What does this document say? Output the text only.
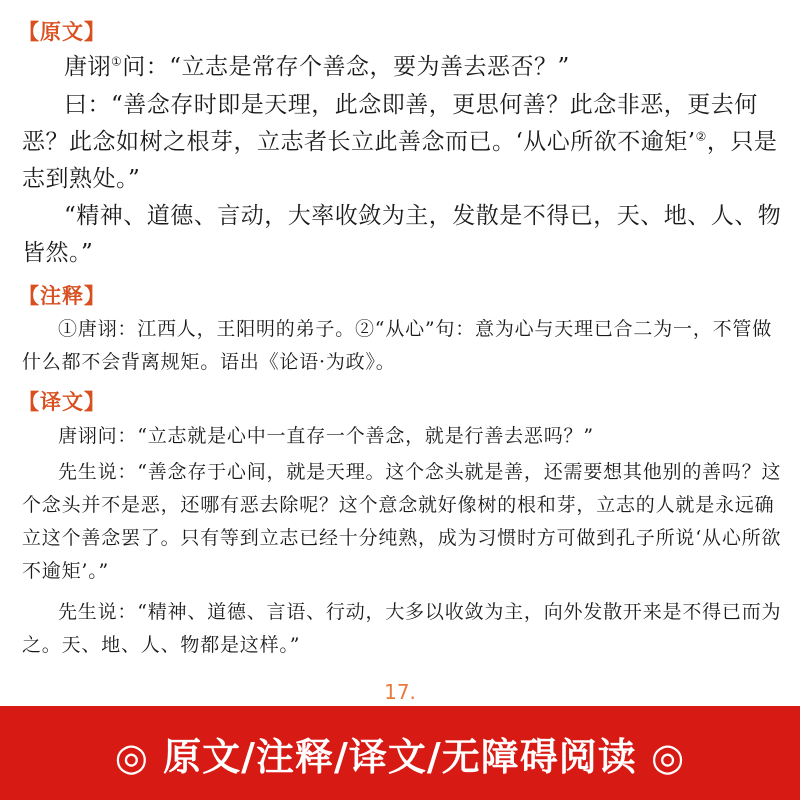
【原文】
唐诩①问：“立志是常存个善念，要为善去恶否？”
曰：“善念存时即是天理，此念即善，更思何善？此念非恶，更去何恶？此念如树之根芽，立志者长立此善念而已。‘从心所欲不逾矩’②，只是志到熟处。”
“精神、道德、言动，大率收敛为主，发散是不得已，天、地、人、物皆然。”
【注释】
①唐诩：江西人，王阳明的弟子。②“从心”句：意为心与天理已合二为一，不管做什么都不会背离规矩。语出《论语·为政》。
【译文】
唐诩问：“立志就是心中一直存一个善念，就是行善去恶吗？”
先生说：“善念存于心间，就是天理。这个念头就是善，还需要想其他别的善吗？这个念头并不是恶，还哪有恶去除呢？这个意念就好像树的根和芽，立志的人就是永远确立这个善念罢了。只有等到立志已经十分纯熟，成为习惯时方可做到孔子所说‘从心所欲不逾矩’。”
先生说：“精神、道德、言语、行动，大多以收敛为主，向外发散开来是不得已而为之。天、地、人、物都是这样。”
17.
◎ 原文/注释/译文/无障碍阅读 ◎
